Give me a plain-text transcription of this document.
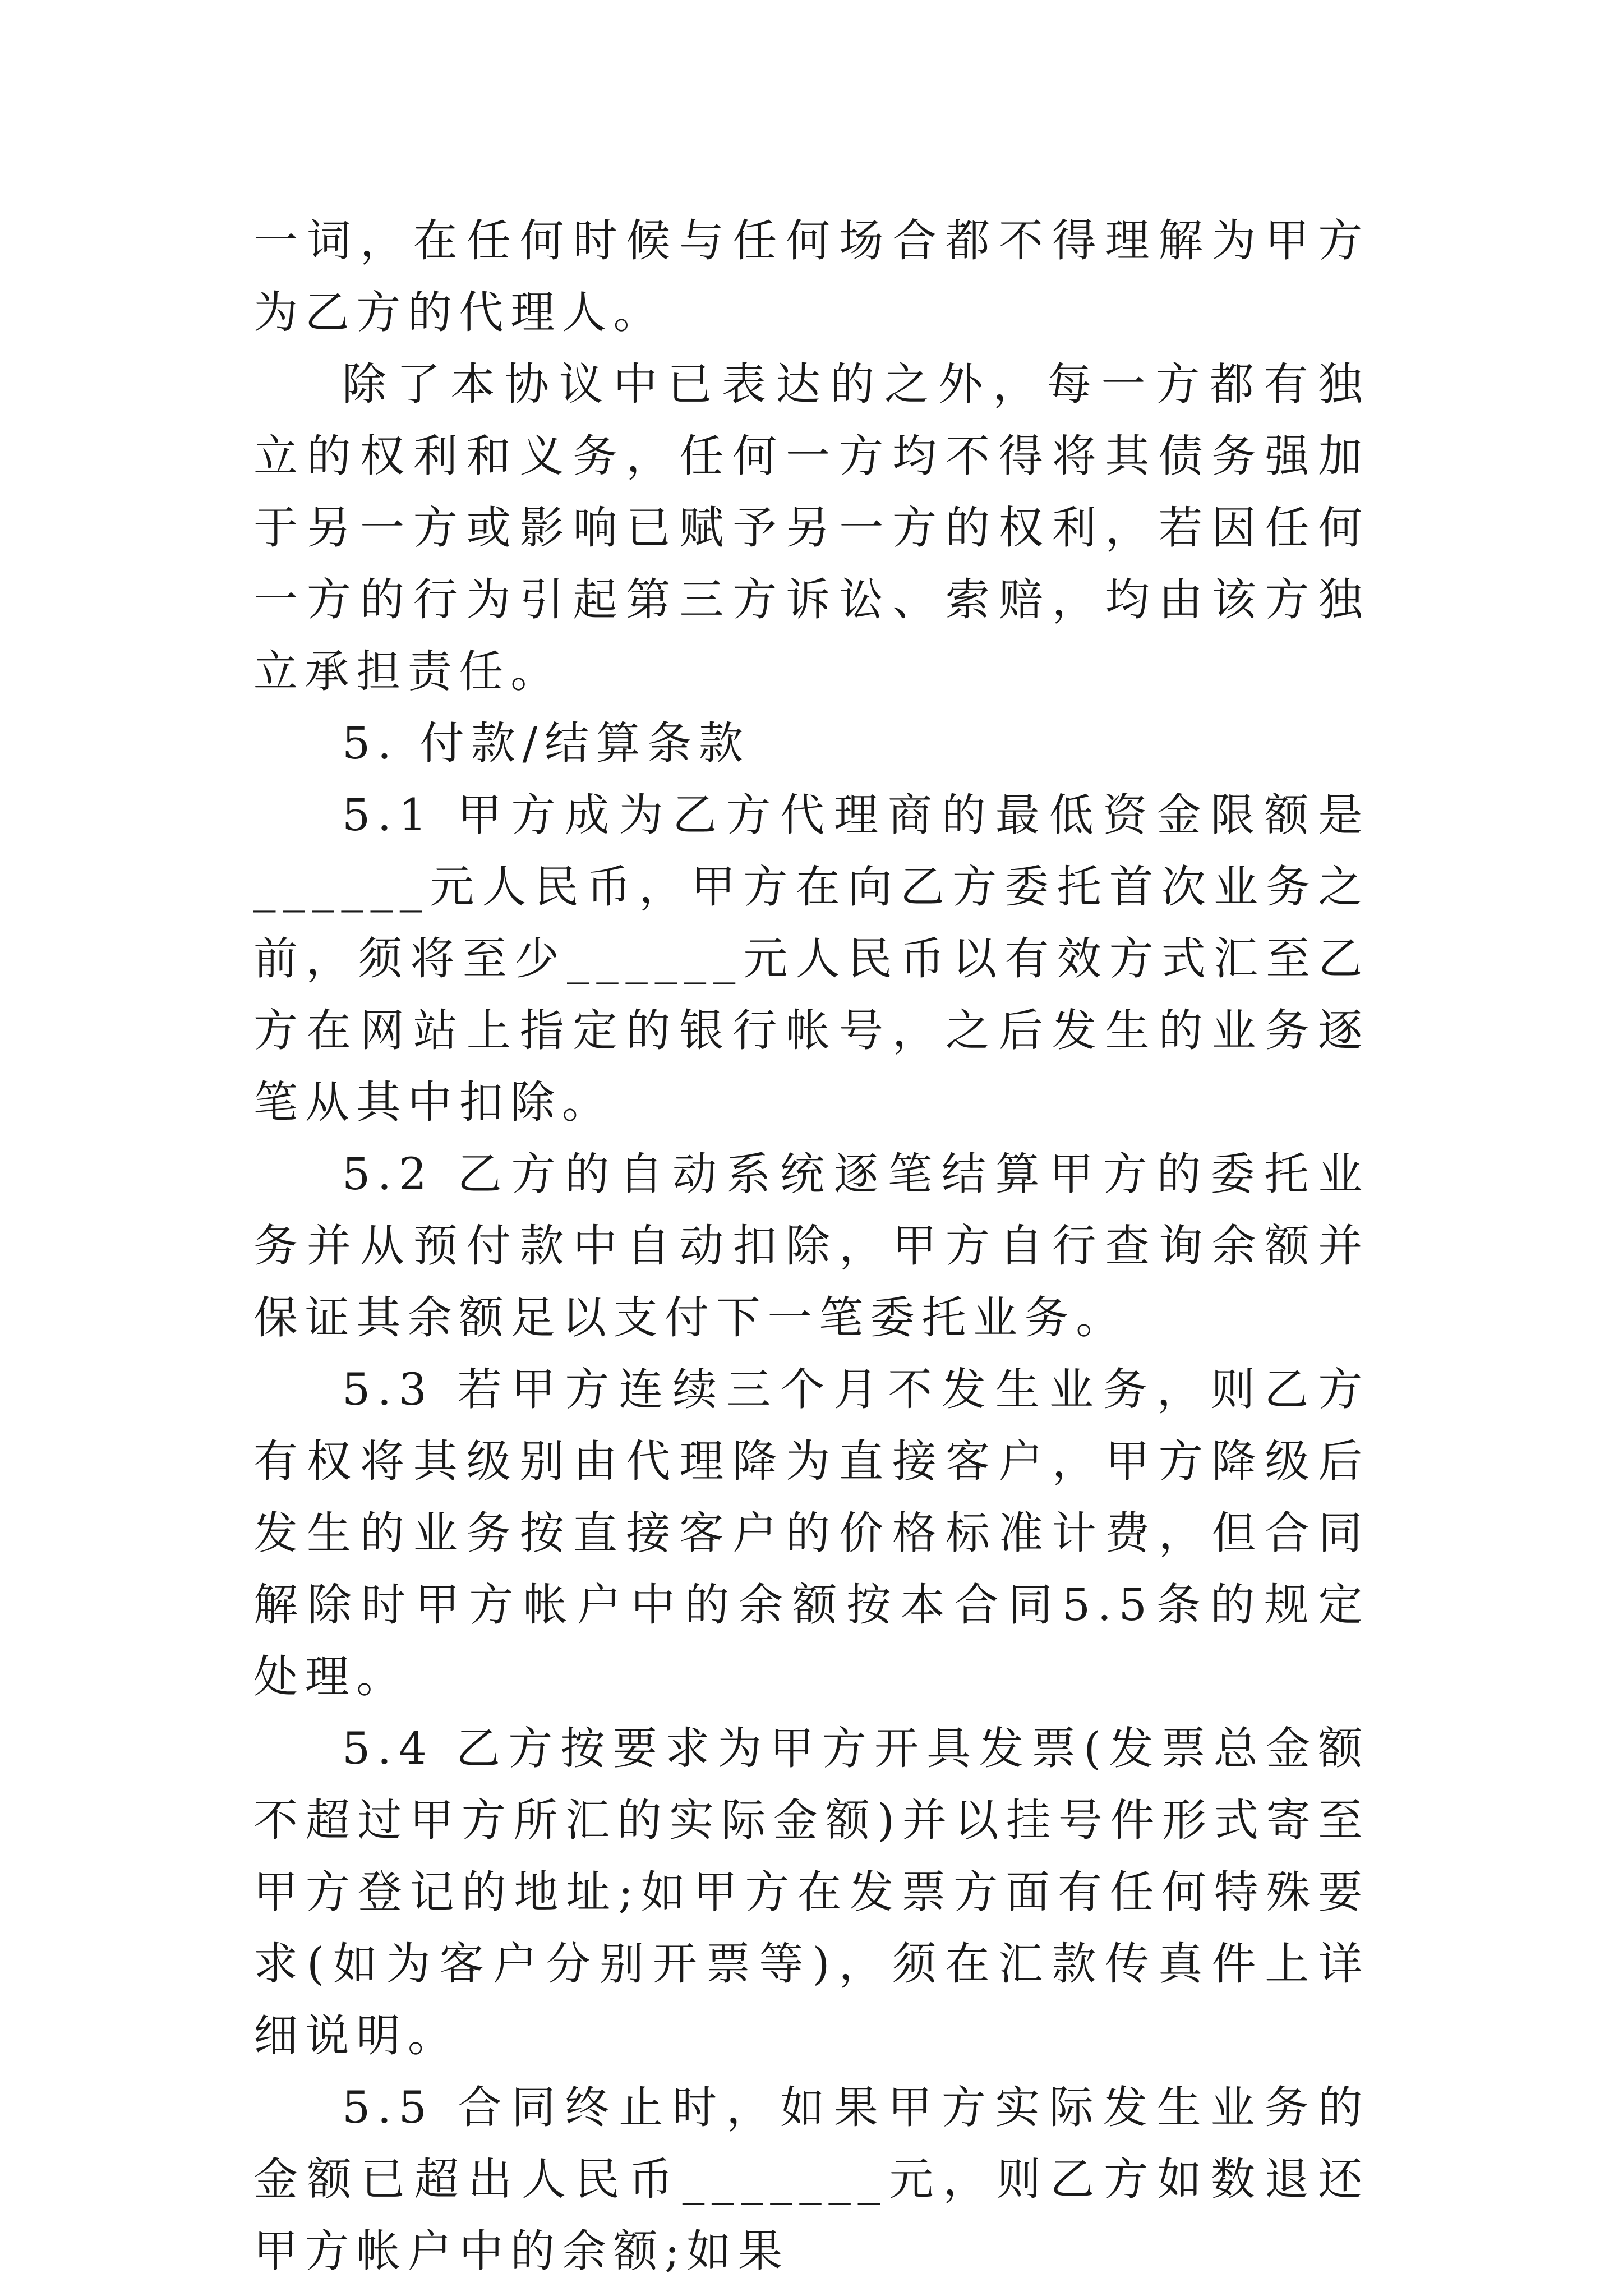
一词，在任何时候与任何场合都不得理解为甲方为乙方的代理人。

除了本协议中已表达的之外，每一方都有独立的权利和义务，任何一方均不得将其债务强加于另一方或影响已赋予另一方的权利，若因任何一方的行为引起第三方诉讼、索赔，均由该方独立承担责任。

5. 付款/结算条款

5.1 甲方成为乙方代理商的最低资金限额是______元人民币，甲方在向乙方委托首次业务之前，须将至少______元人民币以有效方式汇至乙方在网站上指定的银行帐号，之后发生的业务逐笔从其中扣除。

5.2 乙方的自动系统逐笔结算甲方的委托业务并从预付款中自动扣除，甲方自行查询余额并保证其余额足以支付下一笔委托业务。

5.3 若甲方连续三个月不发生业务，则乙方有权将其级别由代理降为直接客户，甲方降级后发生的业务按直接客户的价格标准计费，但合同解除时甲方帐户中的余额按本合同5.5条的规定处理。

5.4 乙方按要求为甲方开具发票(发票总金额不超过甲方所汇的实际金额)并以挂号件形式寄至甲方登记的地址;如甲方在发票方面有任何特殊要求(如为客户分别开票等)，须在汇款传真件上详细说明。

5.5 合同终止时，如果甲方实际发生业务的金额已超出人民币_______元，则乙方如数退还甲方帐户中的余额;如果
